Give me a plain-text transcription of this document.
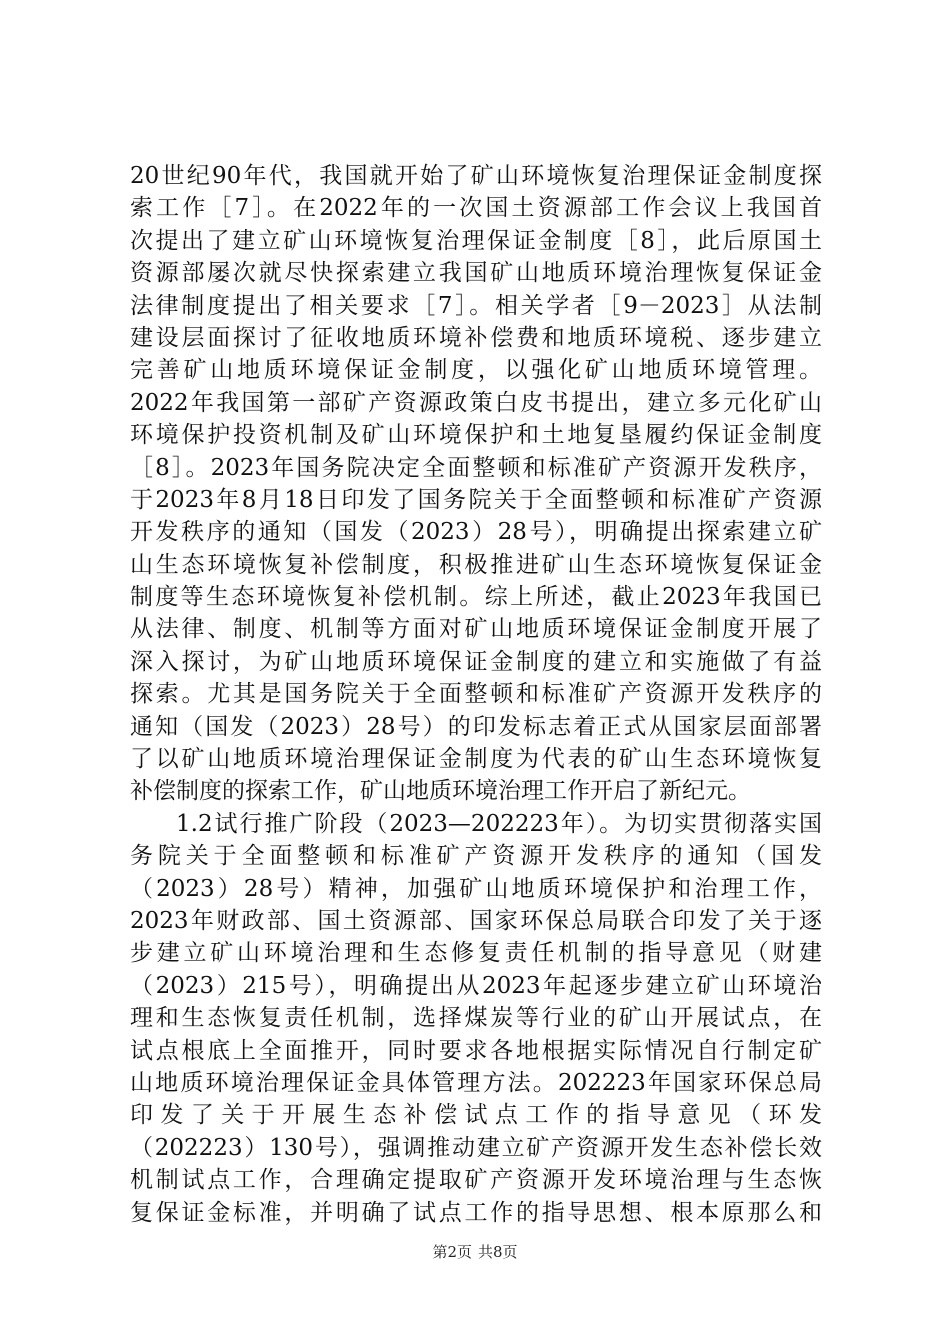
20世纪90年代，我国就开始了矿山环境恢复治理保证金制度探
索工作［7］。在2022年的一次国土资源部工作会议上我国首
次提出了建立矿山环境恢复治理保证金制度［8］，此后原国土
资源部屡次就尽快探索建立我国矿山地质环境治理恢复保证金
法律制度提出了相关要求［7］。相关学者［9－2023］从法制
建设层面探讨了征收地质环境补偿费和地质环境税、逐步建立
完善矿山地质环境保证金制度，以强化矿山地质环境管理。
2022年我国第一部矿产资源政策白皮书提出，建立多元化矿山
环境保护投资机制及矿山环境保护和土地复垦履约保证金制度
［8］。2023年国务院决定全面整顿和标准矿产资源开发秩序，
于2023年8月18日印发了国务院关于全面整顿和标准矿产资源
开发秩序的通知（国发（2023）28号），明确提出探索建立矿
山生态环境恢复补偿制度，积极推进矿山生态环境恢复保证金
制度等生态环境恢复补偿机制。综上所述，截止2023年我国已
从法律、制度、机制等方面对矿山地质环境保证金制度开展了
深入探讨，为矿山地质环境保证金制度的建立和实施做了有益
探索。尤其是国务院关于全面整顿和标准矿产资源开发秩序的
通知（国发（2023）28号）的印发标志着正式从国家层面部署
了以矿山地质环境治理保证金制度为代表的矿山生态环境恢复
补偿制度的探索工作，矿山地质环境治理工作开启了新纪元。
1.2试行推广阶段（2023—202223年）。为切实贯彻落实国
务院关于全面整顿和标准矿产资源开发秩序的通知（国发
（2023）28号）精神，加强矿山地质环境保护和治理工作，
2023年财政部、国土资源部、国家环保总局联合印发了关于逐
步建立矿山环境治理和生态修复责任机制的指导意见（财建
（2023）215号），明确提出从2023年起逐步建立矿山环境治
理和生态恢复责任机制，选择煤炭等行业的矿山开展试点，在
试点根底上全面推开，同时要求各地根据实际情况自行制定矿
山地质环境治理保证金具体管理方法。202223年国家环保总局
印发了关于开展生态补偿试点工作的指导意见（环发
（202223）130号），强调推动建立矿产资源开发生态补偿长效
机制试点工作，合理确定提取矿产资源开发环境治理与生态恢
复保证金标准，并明确了试点工作的指导思想、根本原那么和
第2页 共8页
